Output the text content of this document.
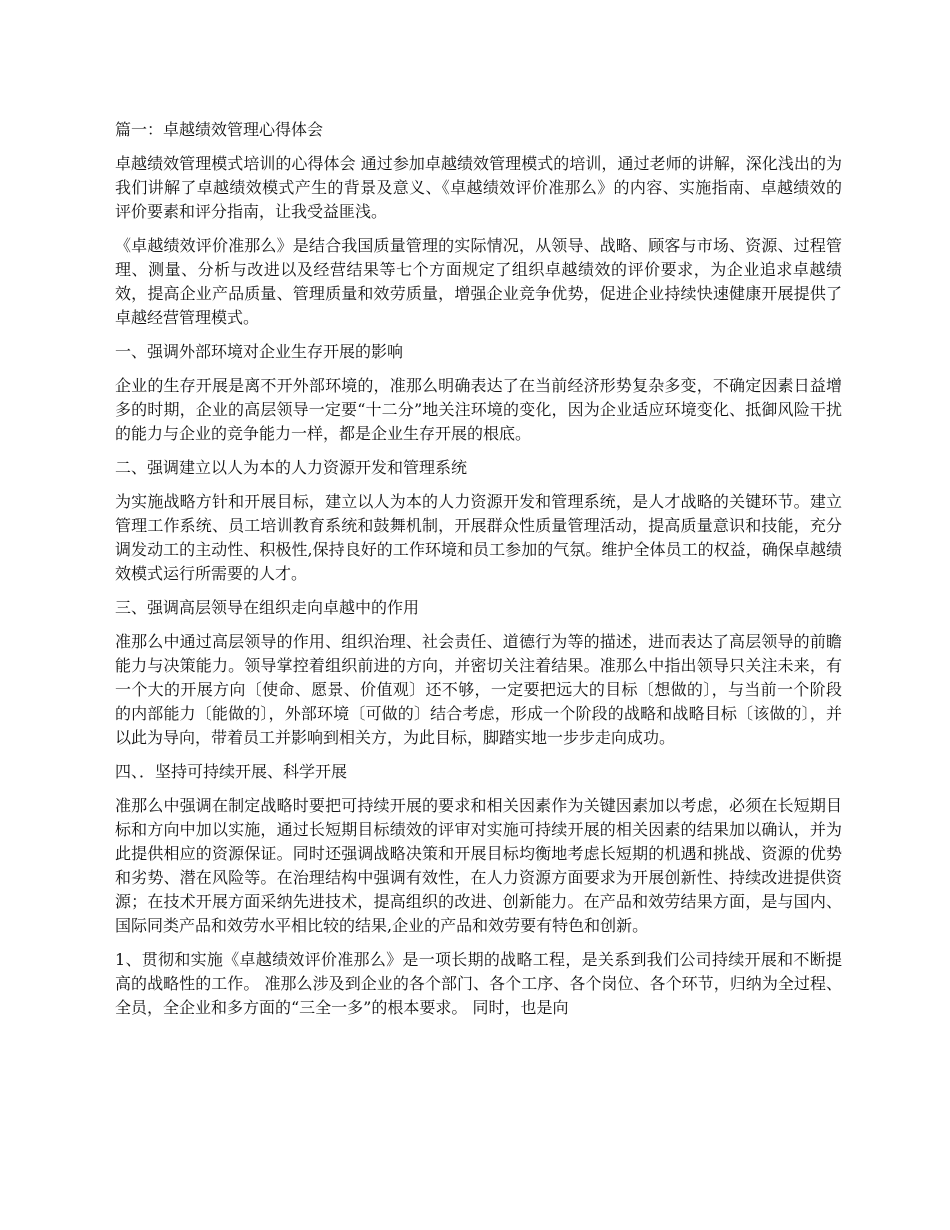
篇一：卓越绩效管理心得体会
卓越绩效管理模式培训的心得体会 通过参加卓越绩效管理模式的培训，通过老师的讲解，深化浅出的为我们讲解了卓越绩效模式产生的背景及意义、《卓越绩效评价准那么》的内容、实施指南、卓越绩效的评价要素和评分指南，让我受益匪浅。
《卓越绩效评价准那么》是结合我国质量管理的实际情况，从领导、战略、顾客与市场、资源、过程管理、测量、分析与改进以及经营结果等七个方面规定了组织卓越绩效的评价要求，为企业追求卓越绩效，提高企业产品质量、管理质量和效劳质量，增强企业竞争优势，促进企业持续快速健康开展提供了卓越经营管理模式。
一、强调外部环境对企业生存开展的影响
企业的生存开展是离不开外部环境的，准那么明确表达了在当前经济形势复杂多变，不确定因素日益增多的时期，企业的高层领导一定要“十二分”地关注环境的变化，因为企业适应环境变化、抵御风险干扰的能力与企业的竞争能力一样，都是企业生存开展的根底。
二、强调建立以人为本的人力资源开发和管理系统
为实施战略方针和开展目标，建立以人为本的人力资源开发和管理系统，是人才战略的关键环节。建立管理工作系统、员工培训教育系统和鼓舞机制，开展群众性质量管理活动，提高质量意识和技能，充分调发动工的主动性、积极性,保持良好的工作环境和员工参加的气氛。维护全体员工的权益，确保卓越绩效模式运行所需要的人才。
三、强调高层领导在组织走向卓越中的作用
准那么中通过高层领导的作用、组织治理、社会责任、道德行为等的描述，进而表达了高层领导的前瞻能力与决策能力。领导掌控着组织前进的方向，并密切关注着结果。准那么中指出领导只关注未来，有一个大的开展方向〔使命、愿景、价值观〕还不够，一定要把远大的目标〔想做的〕，与当前一个阶段的内部能力〔能做的〕，外部环境〔可做的〕结合考虑，形成一个阶段的战略和战略目标〔该做的〕，并以此为导向，带着员工并影响到相关方，为此目标，脚踏实地一步步走向成功。
四、．坚持可持续开展、科学开展
准那么中强调在制定战略时要把可持续开展的要求和相关因素作为关键因素加以考虑，必须在长短期目标和方向中加以实施，通过长短期目标绩效的评审对实施可持续开展的相关因素的结果加以确认，并为此提供相应的资源保证。同时还强调战略决策和开展目标均衡地考虑长短期的机遇和挑战、资源的优势和劣势、潜在风险等。在治理结构中强调有效性，在人力资源方面要求为开展创新性、持续改进提供资源；在技术开展方面采纳先进技术，提高组织的改进、创新能力。在产品和效劳结果方面，是与国内、国际同类产品和效劳水平相比较的结果,企业的产品和效劳要有特色和创新。
1、贯彻和实施《卓越绩效评价准那么》是一项长期的战略工程，是关系到我们公司持续开展和不断提高的战略性的工作。 准那么涉及到企业的各个部门、各个工序、各个岗位、各个环节，归纳为全过程、全员，全企业和多方面的“三全一多”的根本要求。 同时，也是向
